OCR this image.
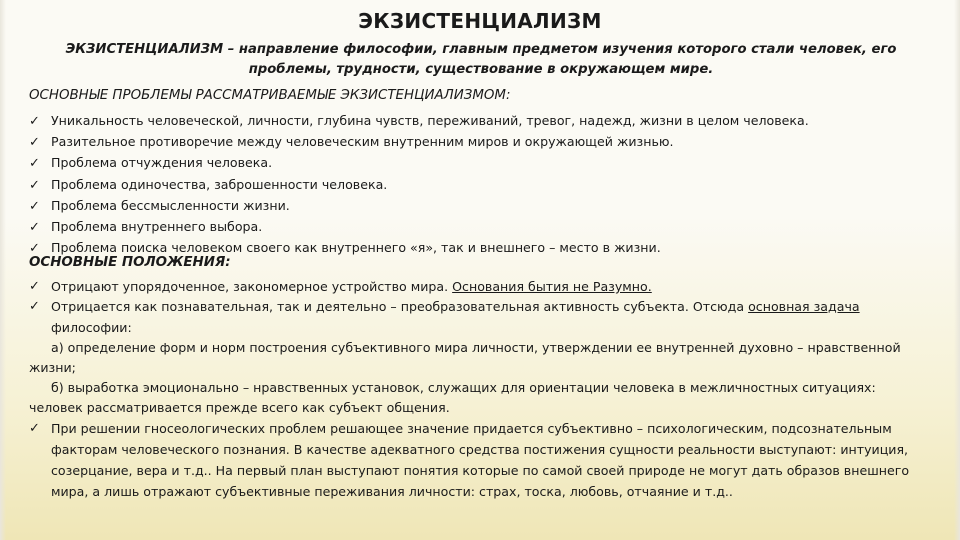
ЭКЗИСТЕНЦИАЛИЗМ
ЭКЗИСТЕНЦИАЛИЗМ – направление философии, главным предметом изучения которого стали человек, его проблемы, трудности, существование в окружающем мире.
ОСНОВНЫЕ ПРОБЛЕМЫ РАССМАТРИВАЕМЫЕ ЭКЗИСТЕНЦИАЛИЗМОМ:
✓ Уникальность человеческой, личности, глубина чувств, переживаний, тревог, надежд, жизни в целом человека.
✓ Разительное противоречие между человеческим внутренним миров и окружающей жизнью.
✓ Проблема отчуждения человека.
✓ Проблема одиночества, заброшенности человека.
✓ Проблема бессмысленности жизни.
✓ Проблема внутреннего выбора.
✓ Проблема поиска человеком своего как внутреннего «я», так и внешнего – место в жизни.
ОСНОВНЫЕ ПОЛОЖЕНИЯ:
✓ Отрицают упорядоченное, закономерное устройство мира. Основания бытия не Разумно.
✓ Отрицается как познавательная, так и деятельно – преобразовательная активность субъекта. Отсюда основная задача философии:
а) определение форм и норм построения субъективного мира личности, утверждении ее внутренней духовно – нравственной жизни;
б) выработка эмоционально – нравственных установок, служащих для ориентации человека в межличностных ситуациях: человек рассматривается прежде всего как субъект общения.
✓ При решении гносеологических проблем решающее значение придается субъективно – психологическим, подсознательным факторам человеческого познания. В качестве адекватного средства постижения сущности реальности выступают: интуиция, созерцание, вера и т.д.. На первый план выступают понятия которые по самой своей природе не могут дать образов внешнего мира, а лишь отражают субъективные переживания личности: страх, тоска, любовь, отчаяние и т.д..
